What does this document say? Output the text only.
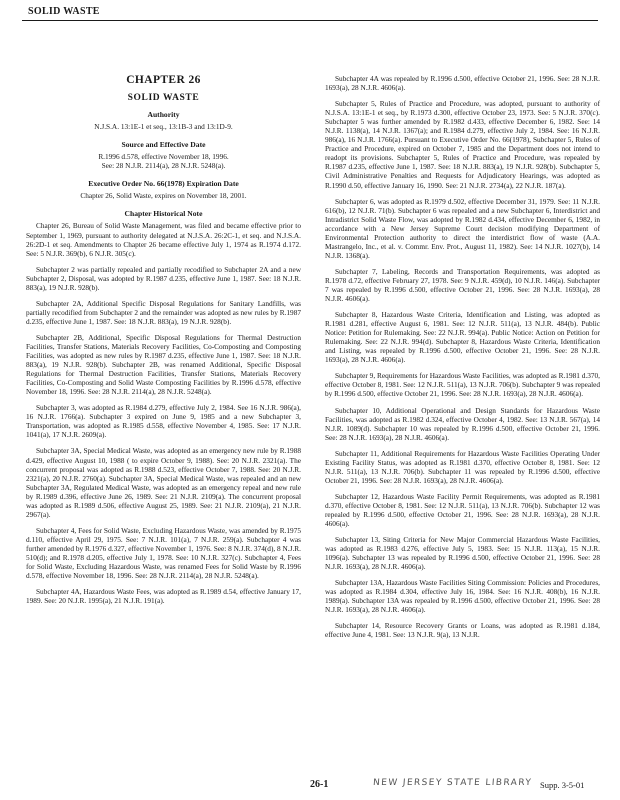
SOLID WASTE
CHAPTER 26
SOLID WASTE
Authority
N.J.S.A. 13:1E-1 et seq., 13:1B-3 and 13:1D-9.
Source and Effective Date
R.1996 d.578, effective November 18, 1996.
See: 28 N.J.R. 2114(a), 28 N.J.R. 5248(a).
Executive Order No. 66(1978) Expiration Date
Chapter 26, Solid Waste, expires on November 18, 2001.
Chapter Historical Note

Chapter 26, Bureau of Solid Waste Management, was filed and became effective prior to September 1, 1969, pursuant to authority delegated at N.J.S.A. 26:2C-1, et seq. and N.J.S.A. 26:2D-1 et seq. Amendments to Chapter 26 became effective July 1, 1974 as R.1974 d.172. See: 5 N.J.R. 369(b), 6 N.J.R. 305(c).

Subchapter 2 was partially repealed and partially recodified to Subchapter 2A and a new Subchapter 2, Disposal, was adopted by R.1987 d.235, effective June 1, 1987. See: 18 N.J.R. 883(a), 19 N.J.R. 928(b).

Subchapter 2A, Additional Specific Disposal Regulations for Sanitary Landfills, was partially recodified from Subchapter 2 and the remainder was adopted as new rules by R.1987 d.235, effective June 1, 1987. See: 18 N.J.R. 883(a), 19 N.J.R. 928(b).

Subchapter 2B, Additional, Specific Disposal Regulations for Thermal Destruction Facilities, Transfer Stations, Materials Recovery Facilities, Co-Composting and Composting Facilities, was adopted as new rules by R.1987 d.235, effective June 1, 1987. See: 18 N.J.R. 883(a), 19 N.J.R. 928(b). Subchapter 2B, was renamed Additional, Specific Disposal Regulations for Thermal Destruction Facilities, Transfer Stations, Materials Recovery Facilities, Co-Composting and Solid Waste Composting Facilities by R.1996 d.578, effective November 18, 1996. See: 28 N.J.R. 2114(a), 28 N.J.R. 5248(a).

Subchapter 3, was adopted as R.1984 d.279, effective July 2, 1984. See 16 N.J.R. 986(a), 16 N.J.R. 1766(a). Subchapter 3 expired on June 9, 1985 and a new Subchapter 3, Transportation, was adopted as R.1985 d.558, effective November 4, 1985. See: 17 N.J.R. 1041(a), 17 N.J.R. 2609(a).

Subchapter 3A, Special Medical Waste, was adopted as an emergency new rule by R.1988 d.429, effective August 10, 1988 ( to expire October 9, 1988). See: 20 N.J.R. 2321(a). The concurrent proposal was adopted as R.1988 d.523, effective October 7, 1988. See: 20 N.J.R. 2321(a), 20 N.J.R. 2760(a). Subchapter 3A, Special Medical Waste, was repealed and an new Subchapter 3A, Regulated Medical Waste, was adopted as an emergency repeal and new rule by R.1989 d.396, effective June 26, 1989. See: 21 N.J.R. 2109(a). The concurrent proposal was adopted as R.1989 d.506, effective August 25, 1989. See: 21 N.J.R. 2109(a), 21 N.J.R. 2967(a).

Subchapter 4, Fees for Solid Waste, Excluding Hazardous Waste, was amended by R.1975 d.110, effective April 29, 1975. See: 7 N.J.R. 101(a), 7 N.J.R. 259(a). Subchapter 4 was further amended by R.1976 d.327, effective November 1, 1976. See: 8 N.J.R. 374(d), 8 N.J.R. 510(d); and R.1978 d.205, effective July 1, 1978. See: 10 N.J.R. 327(c). Subchapter 4, Fees for Solid Waste, Excluding Hazardous Waste, was renamed Fees for Solid Waste by R.1996 d.578, effective November 18, 1996. See: 28 N.J.R. 2114(a), 28 N.J.R. 5248(a).

Subchapter 4A, Hazardous Waste Fees, was adopted as R.1989 d.54, effective January 17, 1989. See: 20 N.J.R. 1995(a), 21 N.J.R. 191(a).

Subchapter 4A was repealed by R.1996 d.500, effective October 21, 1996. See: 28 N.J.R. 1693(a), 28 N.J.R. 4606(a).

Subchapter 5, Rules of Practice and Procedure, was adopted, pursuant to authority of N.J.S.A. 13:1E-1 et seq., by R.1973 d.300, effective October 23, 1973. See: 5 N.J.R. 370(c). Subchapter 5 was further amended by R.1982 d.433, effective December 6, 1982. See: 14 N.J.R. 1138(a), 14 N.J.R. 1367(a); and R.1984 d.279, effective July 2, 1984. See: 16 N.J.R. 986(a), 16 N.J.R. 1766(a). Pursuant to Executive Order No. 66(1978), Subchapter 5, Rules of Practice and Procedure, expired on October 7, 1985 and the Department does not intend to readopt its provisions. Subchapter 5, Rules of Practice and Procedure, was repealed by R.1987 d.235, effective June 1, 1987. See: 18 N.J.R. 883(a), 19 N.J.R. 928(b). Subchapter 5, Civil Administrative Penalties and Requests for Adjudicatory Hearings, was adopted as R.1990 d.50, effective January 16, 1990. See: 21 N.J.R. 2734(a), 22 N.J.R. 187(a).

Subchapter 6, was adopted as R.1979 d.502, effective December 31, 1979. See: 11 N.J.R. 616(b), 12 N.J.R. 71(b). Subchapter 6 was repealed and a new Subchapter 6, Interdistrict and Intradistrict Solid Waste Flow, was adopted by R.1982 d.434, effective December 6, 1982, in accordance with a New Jersey Supreme Court decision modifying Department of Environmental Protection authority to direct the interdistrict flow of waste (A.A. Mastrangelo, Inc., et al. v. Commr. Env. Prot., August 11, 1982). See: 14 N.J.R. 1027(b), 14 N.J.R. 1368(a).

Subchapter 7, Labeling, Records and Transportation Requirements, was adopted as R.1978 d.72, effective February 27, 1978. See: 9 N.J.R. 459(d), 10 N.J.R. 146(a). Subchapter 7 was repealed by R.1996 d.500, effective October 21, 1996. See: 28 N.J.R. 1693(a), 28 N.J.R. 4606(a).

Subchapter 8, Hazardous Waste Criteria, Identification and Listing, was adopted as R.1981 d.281, effective August 6, 1981. See: 12 N.J.R. 511(a), 13 N.J.R. 484(b). Public Notice: Petition for Rulemaking. See: 22 N.J.R. 994(a). Public Notice: Action on Petition for Rulemaking. See: 22 N.J.R. 994(d). Subchapter 8, Hazardous Waste Criteria, Identification and Listing, was repealed by R.1996 d.500, effective October 21, 1996. See: 28 N.J.R. 1693(a), 28 N.J.R. 4606(a).

Subchapter 9, Requirements for Hazardous Waste Facilities, was adopted as R.1981 d.370, effective October 8, 1981. See: 12 N.J.R. 511(a), 13 N.J.R. 706(b). Subchapter 9 was repealed by R.1996 d.500, effective October 21, 1996. See: 28 N.J.R. 1693(a), 28 N.J.R. 4606(a).

Subchapter 10, Additional Operational and Design Standards for Hazardous Waste Facilities, was adopted as R.1982 d.324, effective October 4, 1982. See: 13 N.J.R. 567(a), 14 N.J.R. 1089(d). Subchapter 10 was repealed by R.1996 d.500, effective October 21, 1996. See: 28 N.J.R. 1693(a), 28 N.J.R. 4606(a).

Subchapter 11, Additional Requirements for Hazardous Waste Facilities Operating Under Existing Facility Status, was adopted as R.1981 d.370, effective October 8, 1981. See: 12 N.J.R. 511(a), 13 N.J.R. 706(b). Subchapter 11 was repealed by R.1996 d.500, effective October 21, 1996. See: 28 N.J.R. 1693(a), 28 N.J.R. 4606(a).

Subchapter 12, Hazardous Waste Facility Permit Requirements, was adopted as R.1981 d.370, effective October 8, 1981. See: 12 N.J.R. 511(a), 13 N.J.R. 706(b). Subchapter 12 was repealed by R.1996 d.500, effective October 21, 1996. See: 28 N.J.R. 1693(a), 28 N.J.R. 4606(a).

Subchapter 13, Siting Criteria for New Major Commercial Hazardous Waste Facilities, was adopted as R.1983 d.276, effective July 5, 1983. See: 15 N.J.R. 113(a), 15 N.J.R. 1096(a). Subchapter 13 was repealed by R.1996 d.500, effective October 21, 1996. See: 28 N.J.R. 1693(a), 28 N.J.R. 4606(a).

Subchapter 13A, Hazardous Waste Facilities Siting Commission: Policies and Procedures, was adopted as R.1984 d.304, effective July 16, 1984. See: 16 N.J.R. 408(b), 16 N.J.R. 1989(a). Subchapter 13A was repealed by R.1996 d.500, effective October 21, 1996. See: 28 N.J.R. 1693(a), 28 N.J.R. 4606(a).

Subchapter 14, Resource Recovery Grants or Loans, was adopted as R.1981 d.184, effective June 4, 1981. See: 13 N.J.R. 9(a), 13 N.J.R.

26-1	NEW JERSEY STATE LIBRARY Supp. 3-5-01
